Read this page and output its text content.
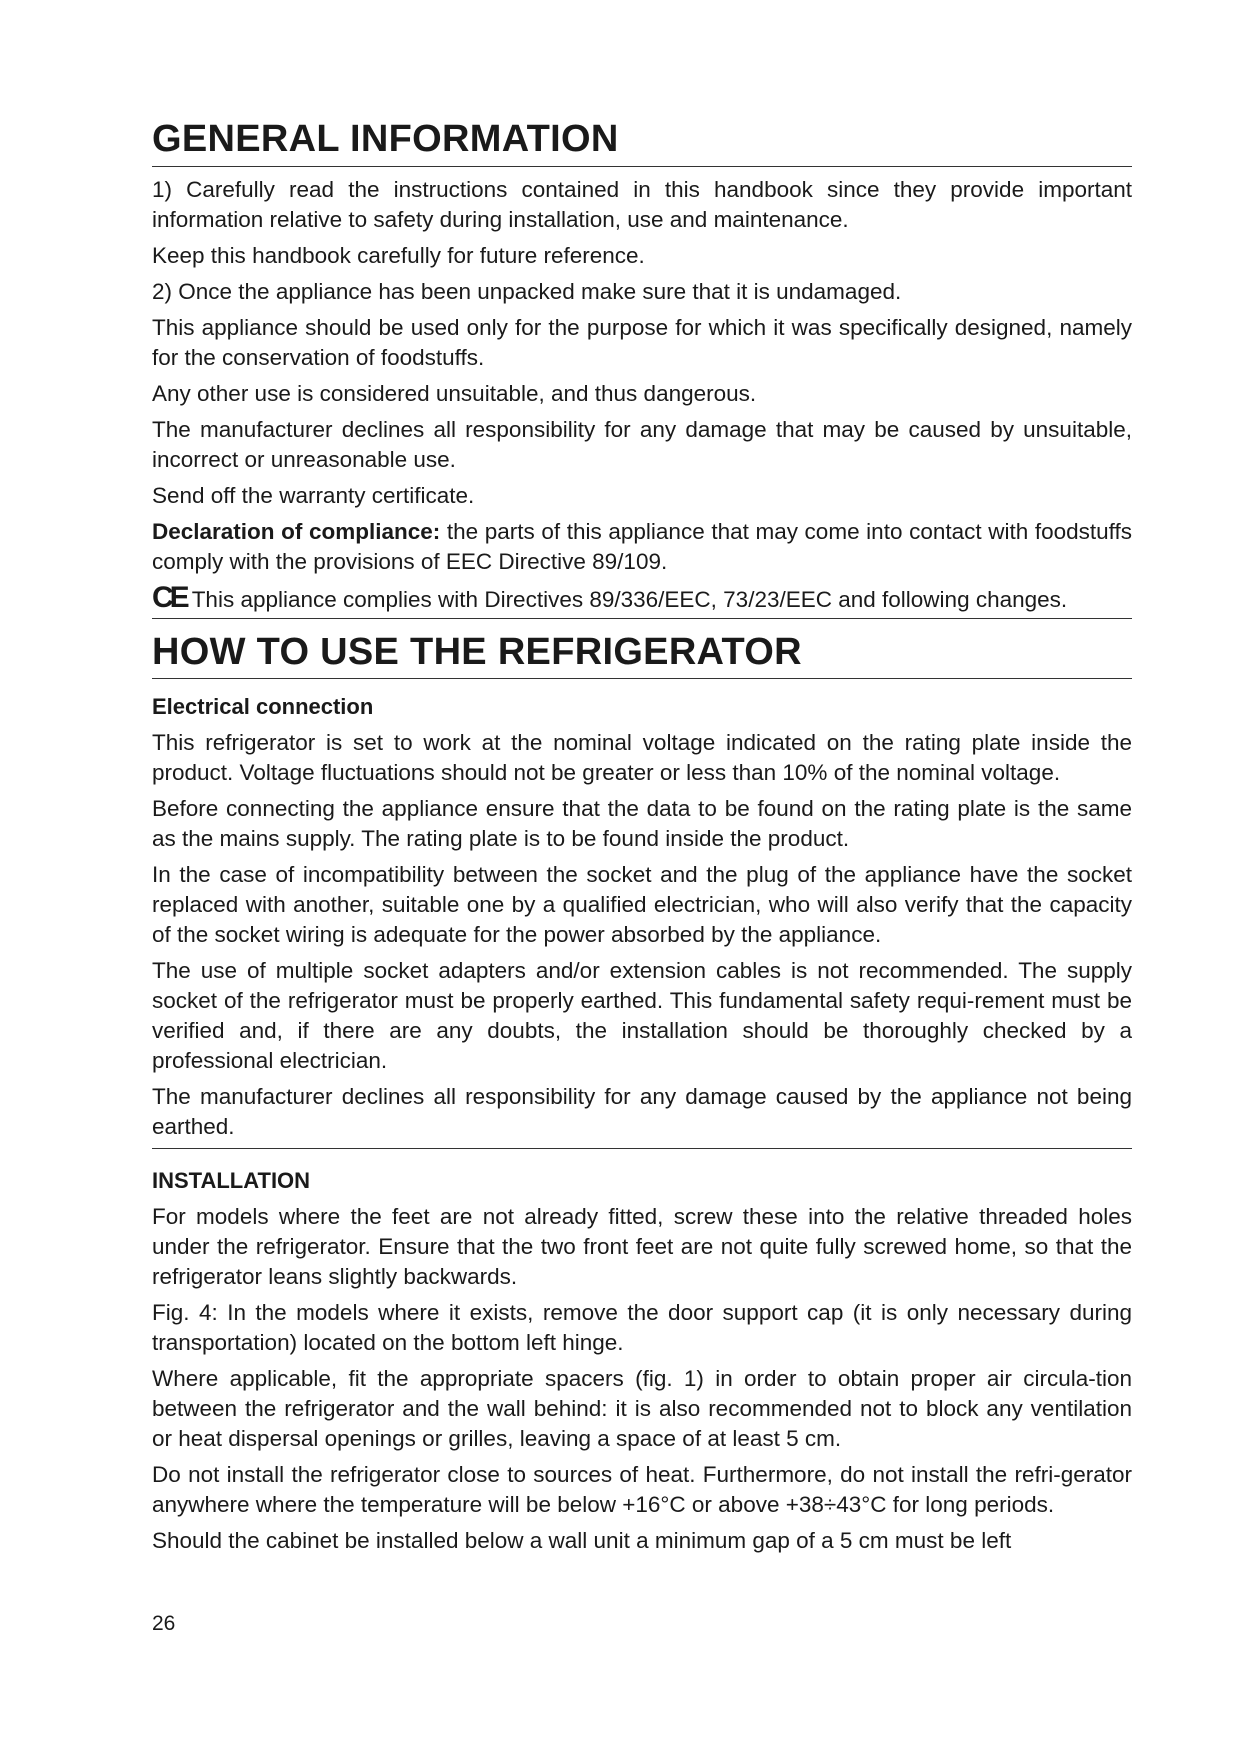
GENERAL INFORMATION

1) Carefully read the instructions contained in this handbook since they provide important information relative to safety during installation, use and maintenance.

Keep this handbook carefully for future reference.

2) Once the appliance has been unpacked make sure that it is undamaged.

This appliance should be used only for the purpose for which it was specifically designed, namely for the conservation of foodstuffs.

Any other use is considered unsuitable, and thus dangerous.

The manufacturer declines all responsibility for any damage that may be caused by unsuitable, incorrect or unreasonable use.

Send off the warranty certificate.

Declaration of compliance: the parts of this appliance that may come into contact with foodstuffs comply with the provisions of EEC Directive 89/109.

CE This appliance complies with Directives 89/336/EEC, 73/23/EEC and following changes.

HOW TO USE THE REFRIGERATOR
Electrical connection

This refrigerator is set to work at the nominal voltage indicated on the rating plate inside the product. Voltage fluctuations should not be greater or less than 10% of the nominal voltage.

Before connecting the appliance ensure that the data to be found on the rating plate is the same as the mains supply. The rating plate is to be found inside the product.

In the case of incompatibility between the socket and the plug of the appliance have the socket replaced with another, suitable one by a qualified electrician, who will also verify that the capacity of the socket wiring is adequate for the power absorbed by the appliance.

The use of multiple socket adapters and/or extension cables is not recommended. The supply socket of the refrigerator must be properly earthed. This fundamental safety requi-rement must be verified and, if there are any doubts, the installation should be thoroughly checked by a professional electrician.

The manufacturer declines all responsibility for any damage caused by the appliance not being earthed.

INSTALLATION

For models where the feet are not already fitted, screw these into the relative threaded holes under the refrigerator. Ensure that the two front feet are not quite fully screwed home, so that the refrigerator leans slightly backwards.

Fig. 4: In the models where it exists, remove the door support cap (it is only necessary during transportation) located on the bottom left hinge.

Where applicable, fit the appropriate spacers (fig. 1) in order to obtain proper air circula-tion between the refrigerator and the wall behind: it is also recommended not to block any ventilation or heat dispersal openings or grilles, leaving a space of at least 5 cm.

Do not install the refrigerator close to sources of heat. Furthermore, do not install the refri-gerator anywhere where the temperature will be below +16°C or above +38÷43°C for long periods.

Should the cabinet be installed below a wall unit a minimum gap of a 5 cm must be left

26
